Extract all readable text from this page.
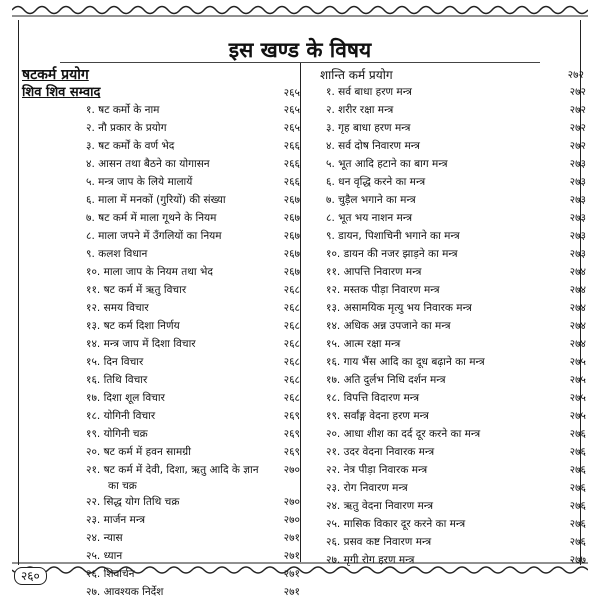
इस खण्ड के विषय
षटकर्म प्रयोग
शिव शिव सम्वाद	२६५
१. षट कर्मो के नाम	२६५
२. नौ प्रकार के प्रयोग	२६५
३. षट कर्मों के वर्ण भेद	२६६
४. आसन तथा बैठने का योगासन	२६६
५. मन्त्र जाप के लिये मालायें	२६६
६. माला में मनकों (गुरियों) की संख्या	२६७
७. षट कर्म में माला गूथने के नियम	२६७
८. माला जपने में उँगलियों का नियम	२६७
९. कलश विधान	२६७
१०. माला जाप के नियम तथा भेद	२६७
११. षट कर्म में ऋतु विचार	२६८
१२. समय विचार	२६८
१३. षट कर्म दिशा निर्णय	२६८
१४. मन्त्र जाप में दिशा विचार	२६८
१५. दिन विचार	२६८
१६. तिथि विचार	२६८
१७. दिशा शूल विचार	२६८
१८. योगिनी विचार	२६९
१९. योगिनी चक्र	२६९
२०. षट कर्म में हवन सामग्री	२६९
२१. षट कर्म में देवी, दिशा, ऋतु आदि के ज्ञान का चक्र
२७०
२२. सिद्ध योग तिथि चक्र	२७०
२३. मार्जन मन्त्र	२७०
२४. न्यास	२७१
२५. ध्यान	२७१
२६. शिवार्चन	२७१
२७. आवश्यक निर्देश	२७१
शान्ति कर्म प्रयोग	२७२
१. सर्व बाधा हरण मन्त्र	२७२
२. शरीर रक्षा मन्त्र	२७२
३. गृह बाधा हरण मन्त्र	२७२
४. सर्व दोष निवारण मन्त्र	२७२
५. भूत आदि हटाने का बाग मन्त्र	२७३
६. धन वृद्धि करने का मन्त्र	२७३
७. चुड़ैल भगाने का मन्त्र	२७३
८. भूत भय नाशन मन्त्र	२७३
९. डायन, पिशाचिनी भगाने का मन्त्र	२७३
१०. डायन की नजर झाड़ने का मन्त्र	२७३
११. आपत्ति निवारण मन्त्र	२७४
१२. मस्तक पीड़ा निवारण मन्त्र	२७४
१३. असामयिक मृत्यु भय निवारक मन्त्र	२७४
१४. अधिक अन्न उपजाने का मन्त्र	२७४
१५. आत्म रक्षा मन्त्र	२७४
१६. गाय भैंस आदि का दूध बढ़ाने का मन्त्र	२७५
१७. अति दुर्लभ निधि दर्शन मन्त्र	२७५
१८. विपत्ति विदारण मन्त्र	२७५
१९. सर्वांङ्ग वेदना हरण मन्त्र	२७५
२०. आधा शीश का दर्द दूर करने का मन्त्र	२७६
२१. उदर वेदना निवारक मन्त्र	२७६
२२. नेत्र पीड़ा निवारक मन्त्र	२७६
२३. रोग निवारण मन्त्र	२७६
२४. ऋतु वेदना निवारण मन्त्र	२७६
२५. मासिक विकार दूर करने का मन्त्र	२७६
२६. प्रसव कष्ट निवारण मन्त्र	२७६
२७. मृगी रोग हरण मन्त्र	२७७
२६०
